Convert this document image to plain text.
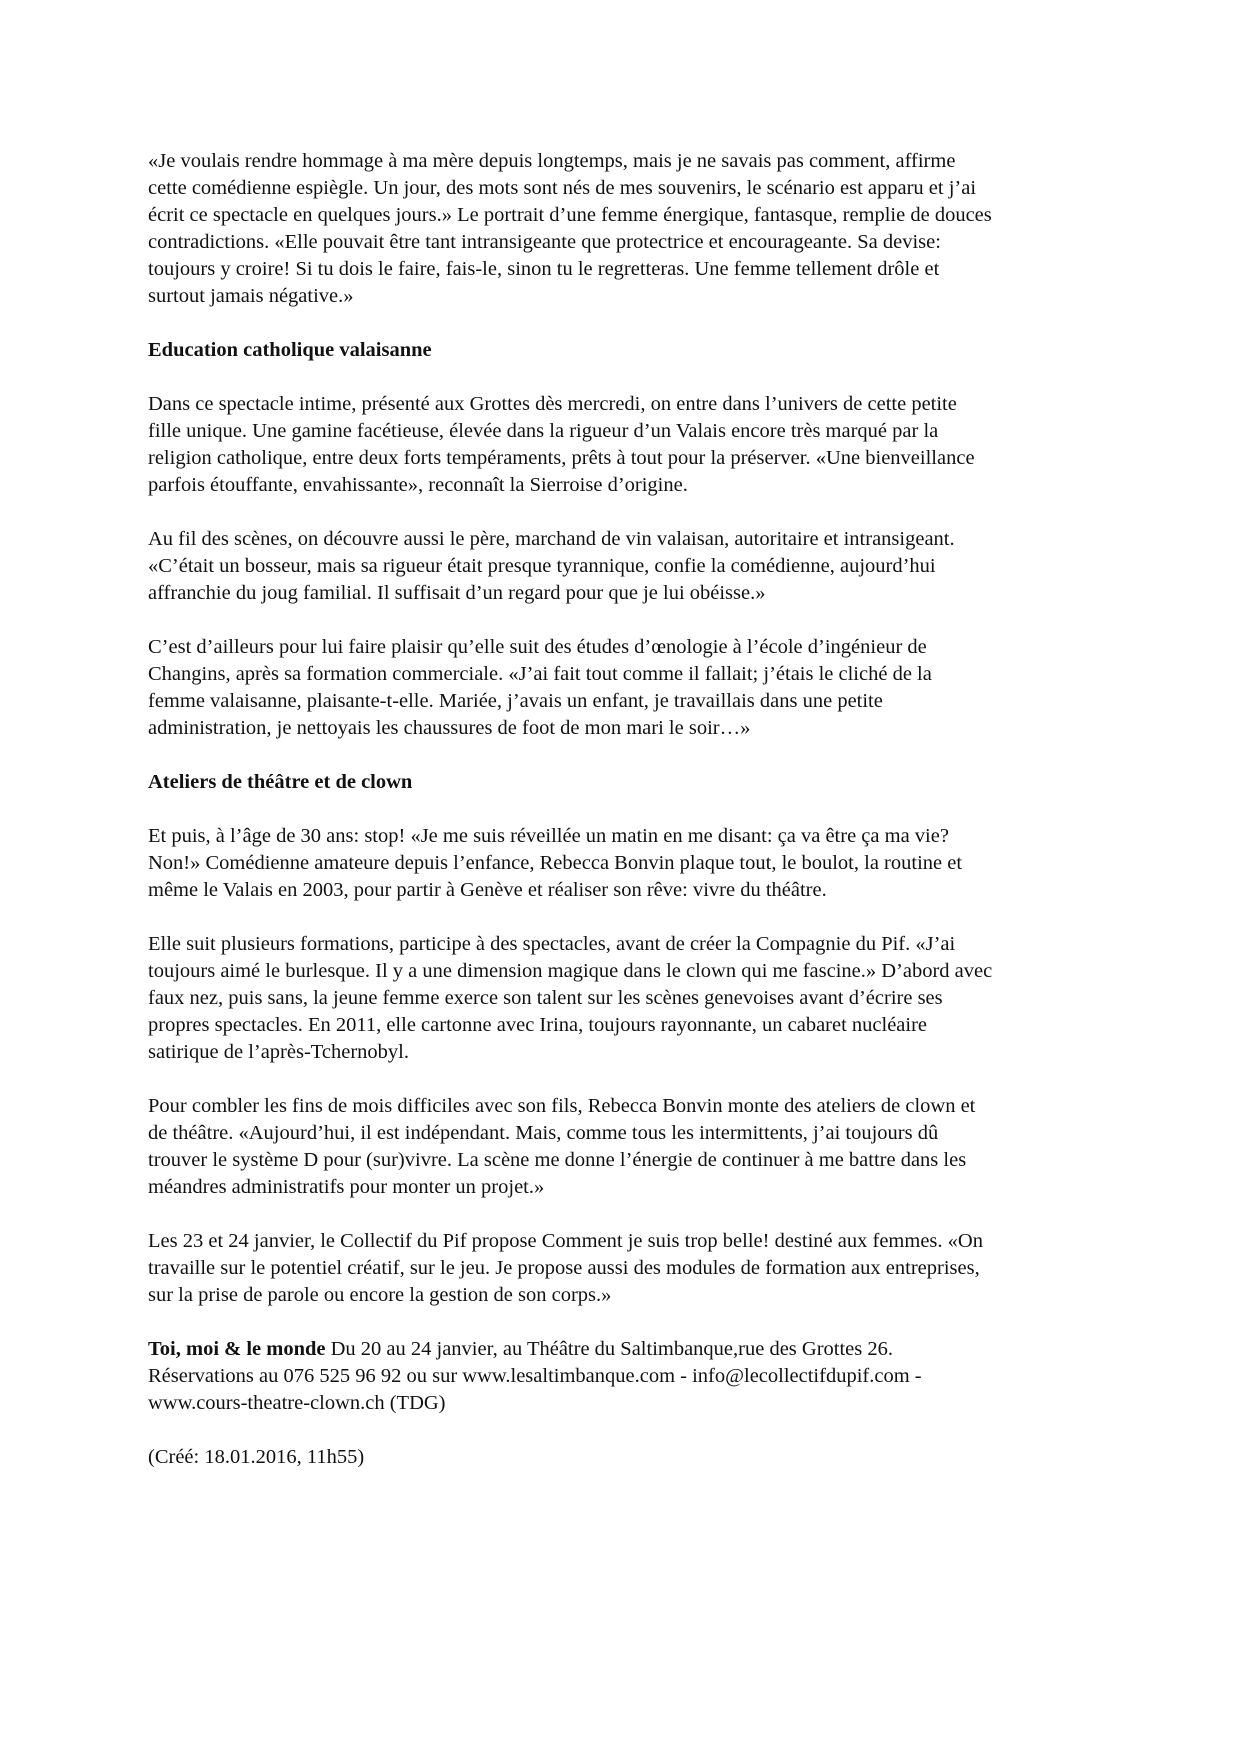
«Je voulais rendre hommage à ma mère depuis longtemps, mais je ne savais pas comment, affirme
cette comédienne espiègle. Un jour, des mots sont nés de mes souvenirs, le scénario est apparu et j’ai
écrit ce spectacle en quelques jours.» Le portrait d’une femme énergique, fantasque, remplie de douces
contradictions. «Elle pouvait être tant intransigeante que protectrice et encourageante. Sa devise:
toujours y croire! Si tu dois le faire, fais-le, sinon tu le regretteras. Une femme tellement drôle et
surtout jamais négative.»

Education catholique valaisanne

Dans ce spectacle intime, présenté aux Grottes dès mercredi, on entre dans l’univers de cette petite
fille unique. Une gamine facétieuse, élevée dans la rigueur d’un Valais encore très marqué par la
religion catholique, entre deux forts tempéraments, prêts à tout pour la préserver. «Une bienveillance
parfois étouffante, envahissante», reconnaît la Sierroise d’origine.

Au fil des scènes, on découvre aussi le père, marchand de vin valaisan, autoritaire et intransigeant.
«C’était un bosseur, mais sa rigueur était presque tyrannique, confie la comédienne, aujourd’hui
affranchie du joug familial. Il suffisait d’un regard pour que je lui obéisse.»

C’est d’ailleurs pour lui faire plaisir qu’elle suit des études d’œnologie à l’école d’ingénieur de
Changins, après sa formation commerciale. «J’ai fait tout comme il fallait; j’étais le cliché de la
femme valaisanne, plaisante-t-elle. Mariée, j’avais un enfant, je travaillais dans une petite
administration, je nettoyais les chaussures de foot de mon mari le soir…»

Ateliers de théâtre et de clown

Et puis, à l’âge de 30 ans: stop! «Je me suis réveillée un matin en me disant: ça va être ça ma vie?
Non!» Comédienne amateure depuis l’enfance, Rebecca Bonvin plaque tout, le boulot, la routine et
même le Valais en 2003, pour partir à Genève et réaliser son rêve: vivre du théâtre.

Elle suit plusieurs formations, participe à des spectacles, avant de créer la Compagnie du Pif. «J’ai
toujours aimé le burlesque. Il y a une dimension magique dans le clown qui me fascine.» D’abord avec
faux nez, puis sans, la jeune femme exerce son talent sur les scènes genevoises avant d’écrire ses
propres spectacles. En 2011, elle cartonne avec Irina, toujours rayonnante, un cabaret nucléaire
satirique de l’après-Tchernobyl.

Pour combler les fins de mois difficiles avec son fils, Rebecca Bonvin monte des ateliers de clown et
de théâtre. «Aujourd’hui, il est indépendant. Mais, comme tous les intermittents, j’ai toujours dû
trouver le système D pour (sur)vivre. La scène me donne l’énergie de continuer à me battre dans les
méandres administratifs pour monter un projet.»

Les 23 et 24 janvier, le Collectif du Pif propose Comment je suis trop belle! destiné aux femmes. «On
travaille sur le potentiel créatif, sur le jeu. Je propose aussi des modules de formation aux entreprises,
sur la prise de parole ou encore la gestion de son corps.»

Toi, moi & le monde Du 20 au 24 janvier, au Théâtre du Saltimbanque,rue des Grottes 26.
Réservations au 076 525 96 92 ou sur www.lesaltimbanque.com - info@lecollectifdupif.com -
www.cours-theatre-clown.ch (TDG)

(Créé: 18.01.2016, 11h55)
